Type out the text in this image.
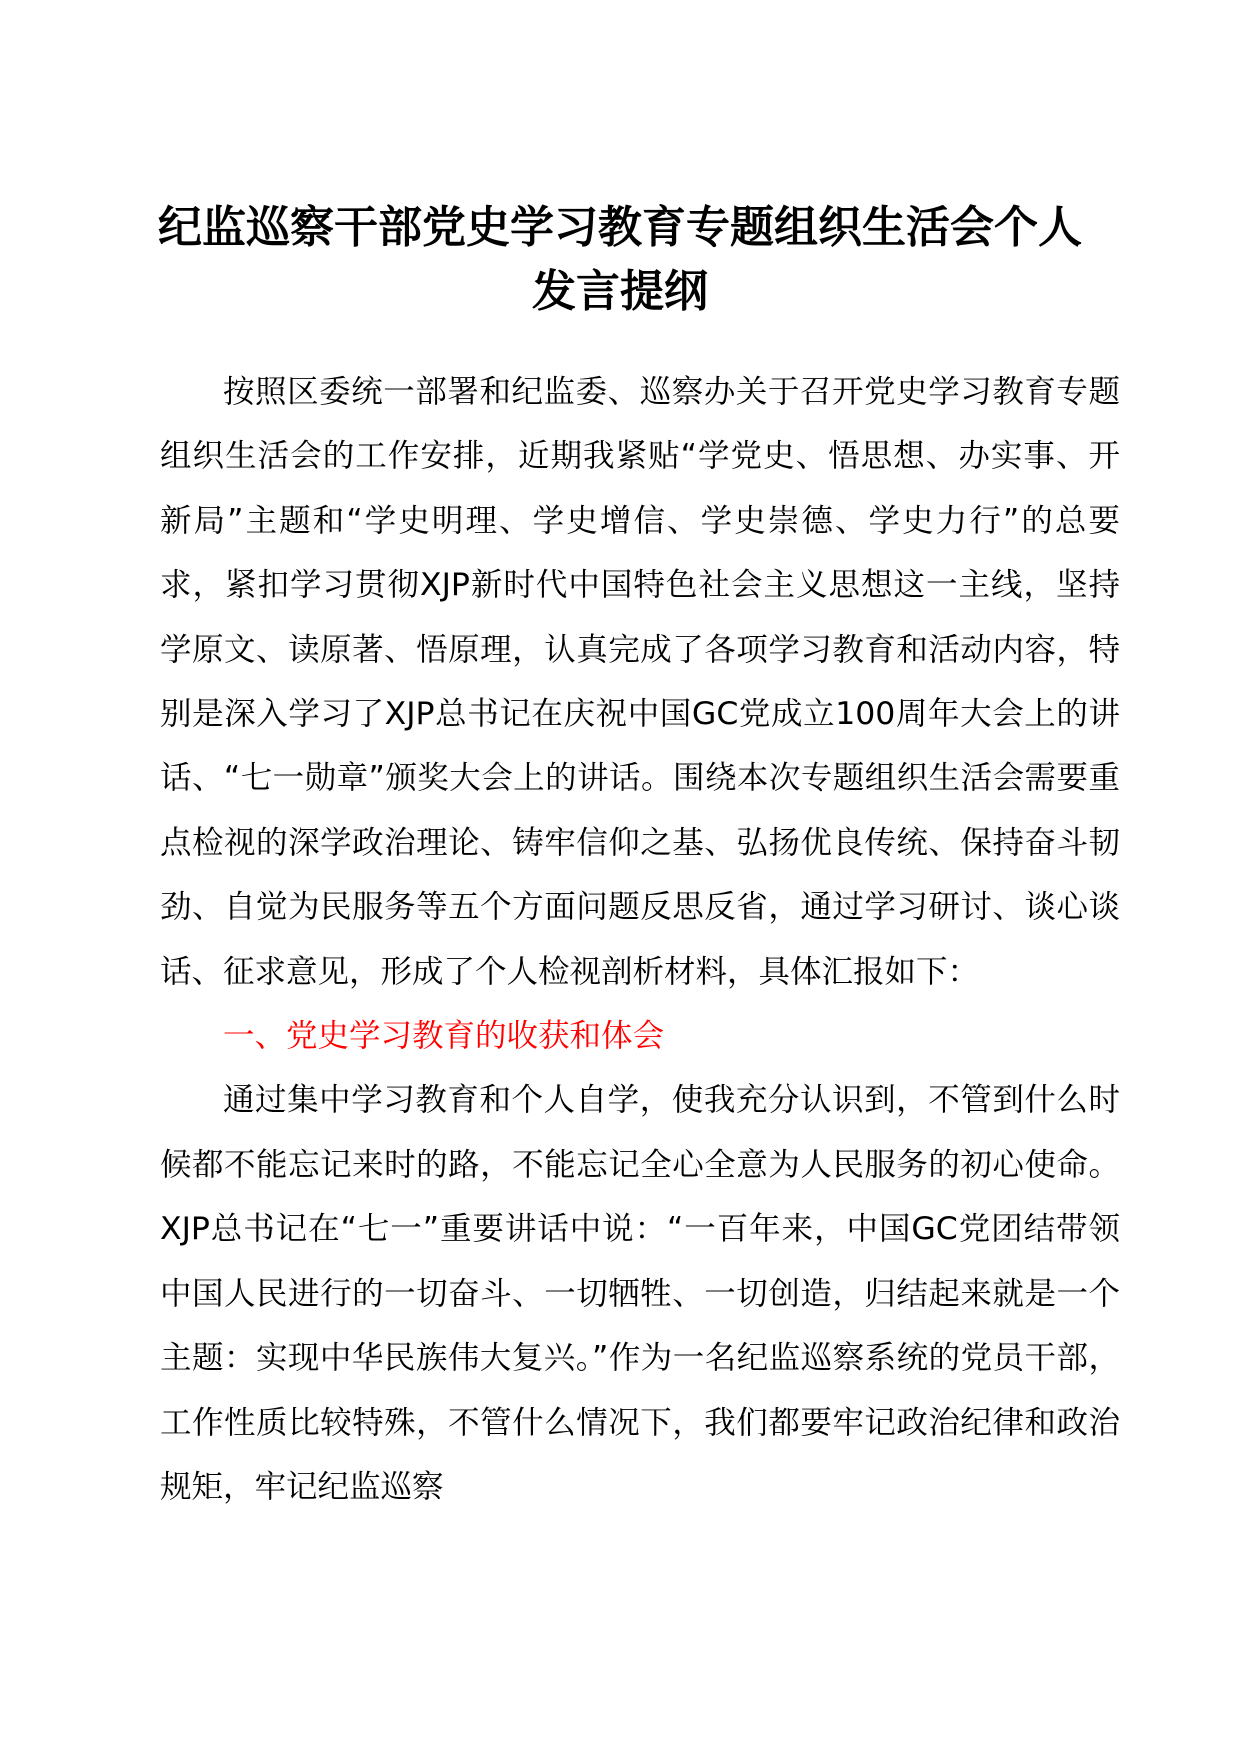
纪监巡察干部党史学习教育专题组织生活会个人发言提纲

按照区委统一部署和纪监委、巡察办关于召开党史学习教育专题组织生活会的工作安排，近期我紧贴“学党史、悟思想、办实事、开新局”主题和“学史明理、学史增信、学史崇德、学史力行”的总要求，紧扣学习贯彻XJP新时代中国特色社会主义思想这一主线，坚持学原文、读原著、悟原理，认真完成了各项学习教育和活动内容，特别是深入学习了XJP总书记在庆祝中国GC党成立100周年大会上的讲话、“七一勋章”颁奖大会上的讲话。围绕本次专题组织生活会需要重点检视的深学政治理论、铸牢信仰之基、弘扬优良传统、保持奋斗韧劲、自觉为民服务等五个方面问题反思反省，通过学习研讨、谈心谈话、征求意见，形成了个人检视剖析材料，具体汇报如下：

一、党史学习教育的收获和体会

通过集中学习教育和个人自学，使我充分认识到，不管到什么时候都不能忘记来时的路，不能忘记全心全意为人民服务的初心使命。XJP总书记在“七一”重要讲话中说：“一百年来，中国GC党团结带领中国人民进行的一切奋斗、一切牺牲、一切创造，归结起来就是一个主题：实现中华民族伟大复兴。”作为一名纪监巡察系统的党员干部，工作性质比较特殊，不管什么情况下，我们都要牢记政治纪律和政治规矩，牢记纪监巡察
